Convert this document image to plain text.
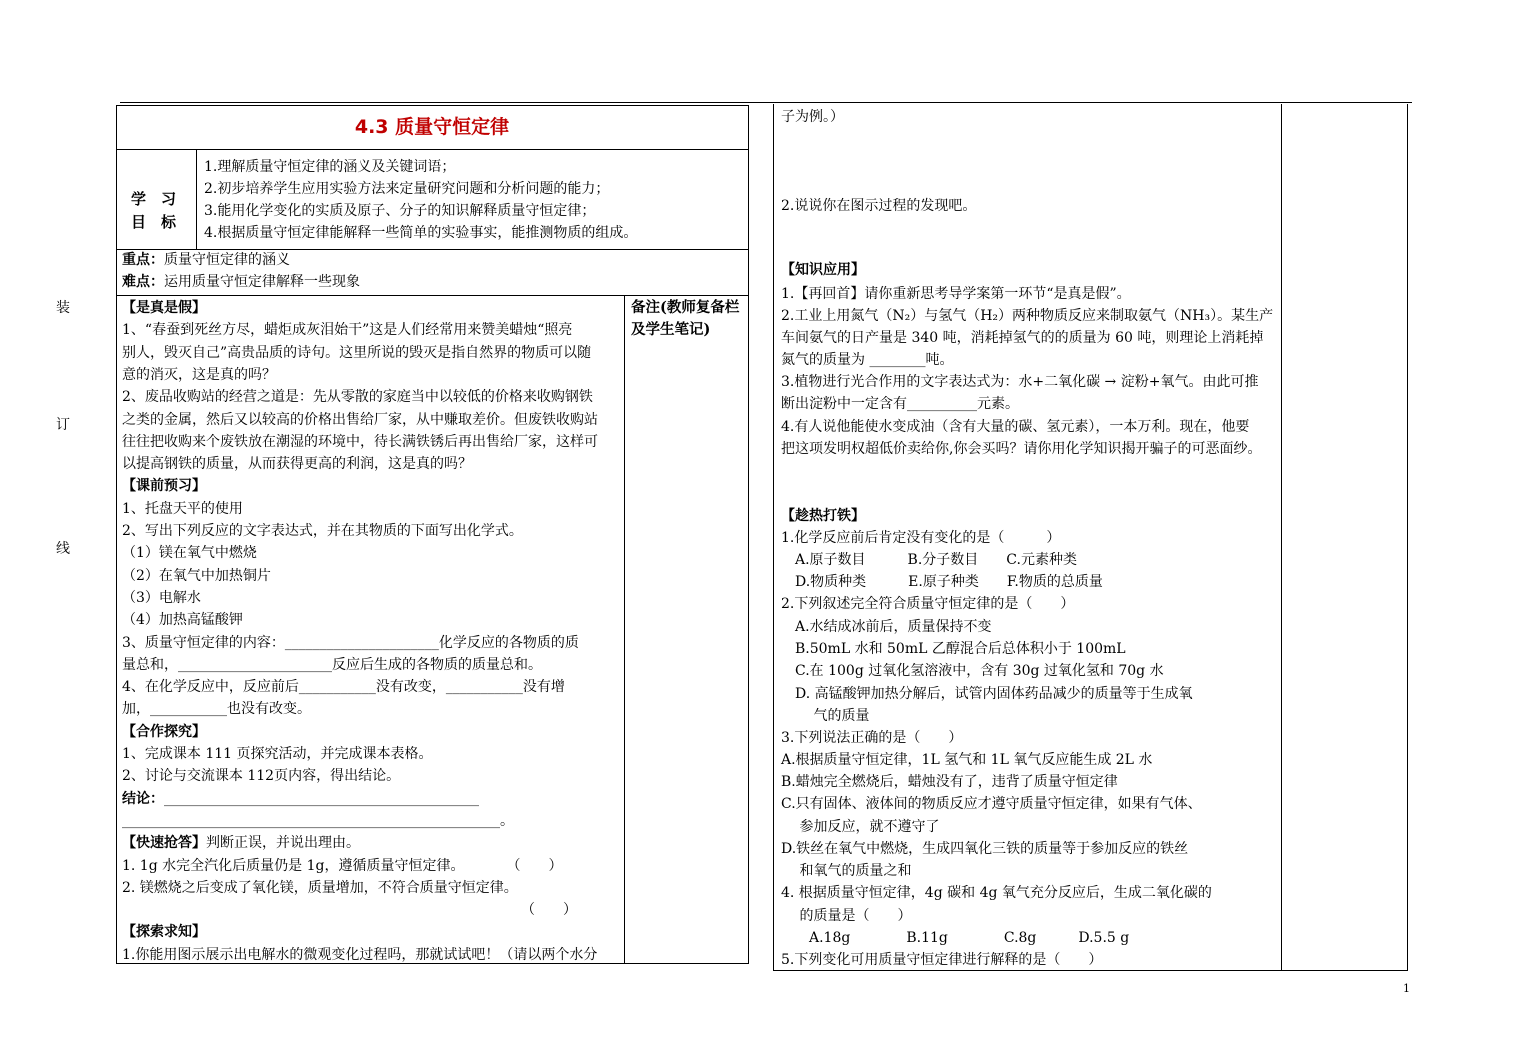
4.3 质量守恒定律
装
订
线
学　习
目　标
1.理解质量守恒定律的涵义及关键词语；
2.初步培养学生应用实验方法来定量研究问题和分析问题的能力；
3.能用化学变化的实质及原子、分子的知识解释质量守恒定律；
4.根据质量守恒定律能解释一些简单的实验事实，能推测物质的组成。
重点：质量守恒定律的涵义
难点：运用质量守恒定律解释一些现象
备注(教师复备栏
及学生笔记)
【是真是假】
1、“春蚕到死丝方尽，蜡炬成灰泪始干”这是人们经常用来赞美蜡烛“照亮
别人，毁灭自己”高贵品质的诗句。这里所说的毁灭是指自然界的物质可以随
意的消灭，这是真的吗？
2、废品收购站的经营之道是：先从零散的家庭当中以较低的价格来收购钢铁
之类的金属，然后又以较高的价格出售给厂家，从中赚取差价。但废铁收购站
往往把收购来个废铁放在潮湿的环境中，待长满铁锈后再出售给厂家，这样可
以提高钢铁的质量，从而获得更高的利润，这是真的吗？
【课前预习】
1、托盘天平的使用
2、写出下列反应的文字表达式，并在其物质的下面写出化学式。
（1）镁在氧气中燃烧
（2）在氧气中加热铜片
（3）电解水
（4）加热高锰酸钾
3、质量守恒定律的内容：______________________化学反应的各物质的质
量总和，______________________反应后生成的各物质的质量总和。
4、在化学反应中，反应前后___________没有改变，___________没有增
加，___________也没有改变。
【合作探究】
1、完成课本 111 页探究活动，并完成课本表格。
2、讨论与交流课本 112页内容，得出结论。
结论：_____________________________________________
______________________________________________________。
【快速抢答】判断正误，并说出理由。
1. 1g 水完全汽化后质量仍是 1g，遵循质量守恒定律。　　　　（　　）
2. 镁燃烧之后变成了氧化镁，质量增加，不符合质量守恒定律。
　　　　　　　　　　　　　　　　　　　　　　　　　　　　　（　　）
【探索求知】
1.你能用图示展示出电解水的微观变化过程吗，那就试试吧！（请以两个水分
子为例。）
2.说说你在图示过程的发现吧。
【知识应用】
1.【再回首】请你重新思考导学案第一环节“是真是假”。
2.工业上用氮气（N₂）与氢气（H₂）两种物质反应来制取氨气（NH₃）。某生产
车间氨气的日产量是 340 吨，消耗掉氢气的的质量为 60 吨，则理论上消耗掉
氮气的质量为 ________吨。
3.植物进行光合作用的文字表达式为：水+二氧化碳 → 淀粉+氧气。由此可推
断出淀粉中一定含有__________元素。
4.有人说他能使水变成油（含有大量的碳、氢元素），一本万利。现在，他要
把这项发明权超低价卖给你,你会买吗？请你用化学知识揭开骗子的可恶面纱。
【趁热打铁】
1.化学反应前后肯定没有变化的是（　　　）
　A.原子数目　　　B.分子数目　　C.元素种类
　D.物质种类　　　E.原子种类　　F.物质的总质量
2.下列叙述完全符合质量守恒定律的是（　　）
　A.水结成冰前后，质量保持不变
　B.50mL 水和 50mL 乙醇混合后总体积小于 100mL
　C.在 100g 过氧化氢溶液中，含有 30g 过氧化氢和 70g 水
　D. 高锰酸钾加热分解后，试管内固体药品减少的质量等于生成氧
　　 气的质量
3.下列说法正确的是（　　）
A.根据质量守恒定律，1L 氢气和 1L 氧气反应能生成 2L 水
B.蜡烛完全燃烧后，蜡烛没有了，违背了质量守恒定律
C.只有固体、液体间的物质反应才遵守质量守恒定律，如果有气体、
　 参加反应，就不遵守了
D.铁丝在氧气中燃烧，生成四氧化三铁的质量等于参加反应的铁丝
　 和氧气的质量之和
4. 根据质量守恒定律，4g 碳和 4g 氧气充分反应后，生成二氧化碳的
　 的质量是（　　）
　　A.18g　　　　B.11g　　　　C.8g　　　D.5.5 g
5.下列变化可用质量守恒定律进行解释的是（　　）
1
